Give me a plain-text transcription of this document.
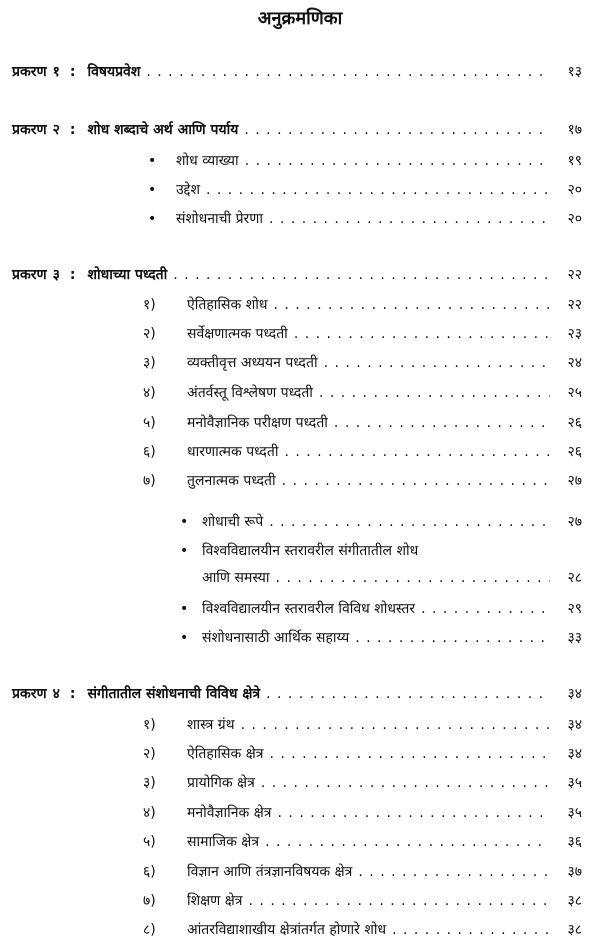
अनुक्रमणिका
प्रकरण १ : विषयप्रवेश . . .	१३
प्रकरण २ : शोध शब्दाचे अर्थ आणि पर्याय . . .	१७
•	शोध व्याख्या . . .	१९
•	उद्देश . . .	२०
•	संशोधनाची प्रेरणा . . .	२०
प्रकरण ३ : शोधाच्या पध्दती . . .	२२
१)	ऐतिहासिक शोध . . .	२२
२)	सर्वेक्षणात्मक पध्दती . . .	२३
३)	व्यक्तीवृत्त अध्ययन पध्दती . . .	२४
४)	अंतर्वस्तू विश्लेषण पध्दती . . .	२५
५)	मनोवैज्ञानिक परीक्षण पध्दती . . .	२६
६)	धारणात्मक पध्दती . . .	२६
७)	तुलनात्मक पध्दती . . .	२७
• शोधाची रूपे . . .	२७
• विश्वविद्यालयीन स्तरावरील संगीतातील शोध
आणि समस्या . . .	२८
• विश्वविद्यालयीन स्तरावरील विविध शोधस्तर . . .	२९
• संशोधनासाठी आर्थिक सहाय्य . . .	३३
प्रकरण ४ : संगीतातील संशोधनाची विविध क्षेत्रे . . .	३४
१)	शास्त्र ग्रंथ . . .	३४
२)	ऐतिहासिक क्षेत्र . . .	३४
३)	प्रायोगिक क्षेत्र . . .	३५
४)	मनोवैज्ञानिक क्षेत्र . . .	३५
५)	सामाजिक क्षेत्र . . .	३६
६)	विज्ञान आणि तंत्रज्ञानविषयक क्षेत्र . . .	३७
७)	शिक्षण क्षेत्र . . .	३८
८)	आंतरविद्याशाखीय क्षेत्रांतर्गत होणारे शोध . . .	३८
